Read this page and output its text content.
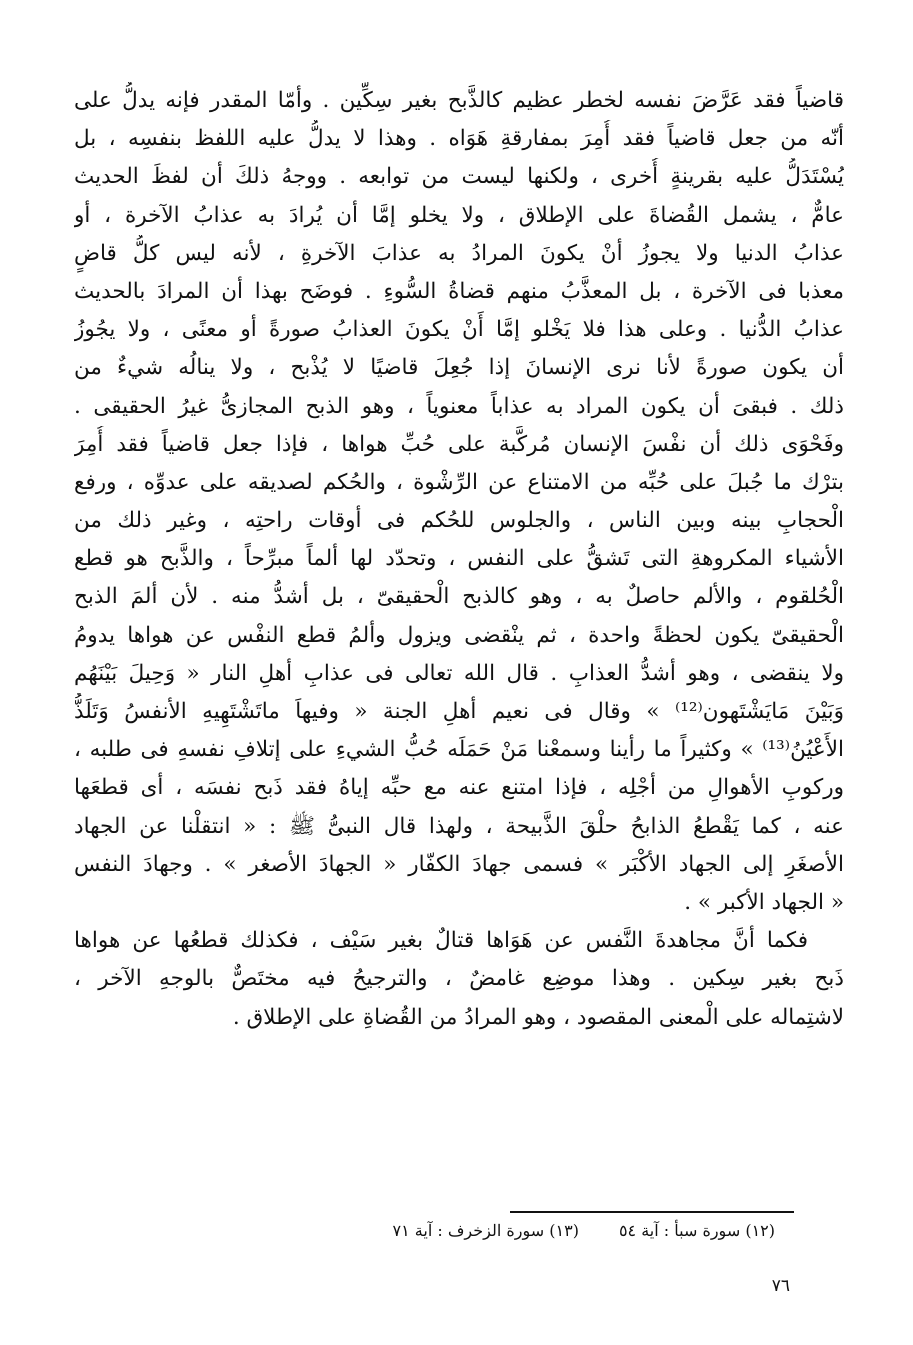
قاضياً فقد عَرَّضَ نفسه لخطر عظيم كالذَّبح بغير سِكِّين . وأمّا المقدر فإنه يدلُّ على
أنّه من جعل قاضياً فقد أُمِرَ بمفارقةِ هَوَاه . وهذا لا يدلُّ عليه اللفظ بنفسِه ، بل
يُسْتَدَلُّ عليه بقرينةٍ أُخرى ، ولكنها ليست من توابعه . ووجهُ ذلكَ أن لفظَ الحديث
عامٌّ ، يشمل القُضاةَ على الإطلاق ، ولا يخلو إمَّا أن يُرادَ به عذابُ الآخرة ، أو
عذابُ الدنيا ولا يجوزُ أنْ يكونَ المرادُ به عذابَ الآخرةِ ، لأنه ليس كلُّ قاضٍ
معذبا فى الآخرة ، بل المعذَّبُ منهم قضاةُ السُّوءِ . فوضَح بهذا أن المرادَ بالحديث
عذابُ الدُّنيا . وعلى هذا فلا يَخْلو إمَّا أَنْ يكونَ العذابُ صورةً أو معنًى ، ولا يجُوزُ
أن يكون صورةً لأنا نرى الإنسانَ إذا جُعِلَ قاضيًا لا يُذْبح ، ولا ينالُه شيءٌ من
ذلك . فبقىَ أن يكون المراد به عذاباً معنوياً ، وهو الذبح المجازىُّ غيرُ الحقيقى .
وفَحْوَى ذلك أن نفْسَ الإنسان مُركَّبة على حُبِّ هواها ، فإذا جعل قاضياً فقد أُمِرَ
بترْك ما جُبلَ على حُبِّه من الامتناع عن الرِّشْوة ، والحُكم لصديقه على عدوِّه ، ورفع
الْحجابِ بينه وبين الناس ، والجلوس للحُكم فى أوقات راحتِه ، وغير ذلك من
الأشياء المكروهةِ التى تَشقُّ على النفس ، وتحدّد لها ألماً مبرِّحاً ، والذَّبح هو قطع
الْحُلقوم ، والألم حاصلٌ به ، وهو كالذبح الْحقيقىّ ، بل أشدُّ منه . لأن ألمَ الذبح
الْحقيقىّ يكون لحظةً واحدة ، ثم ينْقضى ويزول وألمُ قطع النفْس عن هواها يدومُ
ولا ينقضى ، وهو أشدُّ العذابِ . قال الله تعالى فى عذابِ أهلِ النار « وَحِيلَ بَيْنَهُم
وَبَيْنَ مَايَشْتَهون⁽¹²⁾ » وقال فى نعيم أهلِ الجنة « وفيهاَ ماتَشْتَهِيهِ الأنفسُ وَتَلَذُّ
الأَعْيُنُ⁽¹³⁾ » وكثيراً ما رأينا وسمعْنا مَنْ حَمَلَه حُبُّ الشيءِ على إتلافِ نفسهِ فى طلبه ،
وركوبِ الأهوالِ من أجْلِه ، فإذا امتنع عنه مع حبِّه إياهُ فقد ذَبح نفسَه ، أى قطعَها
عنه ، كما يَقْطعُ الذابحُ حلْقَ الذَّبيحة ، ولهذا قال النبىُّ ﷺ : « انتقلْنا عن الجهاد
الأصغَرِ إلى الجهاد الأكْبَر » فسمى جهادَ الكفّار « الجهادَ الأصغر » . وجهادَ النفس
« الجهاد الأكبر » .
فكما أنَّ مجاهدةَ النَّفس عن هَوَاها قتالٌ بغير سَيْف ، فكذلك قطعُها عن هواها
ذَبح بغير سِكين . وهذا موضِع غامضٌ ، والترجيحُ فيه مختَصٌّ بالوجهِ الآخر ،
لاشتِماله على الْمعنى المقصود ، وهو المرادُ من القُضاةِ على الإطلاق .
(١٢) سورة سبأ : آية ٥٤
(١٣) سورة الزخرف : آية ٧١
٧٦
